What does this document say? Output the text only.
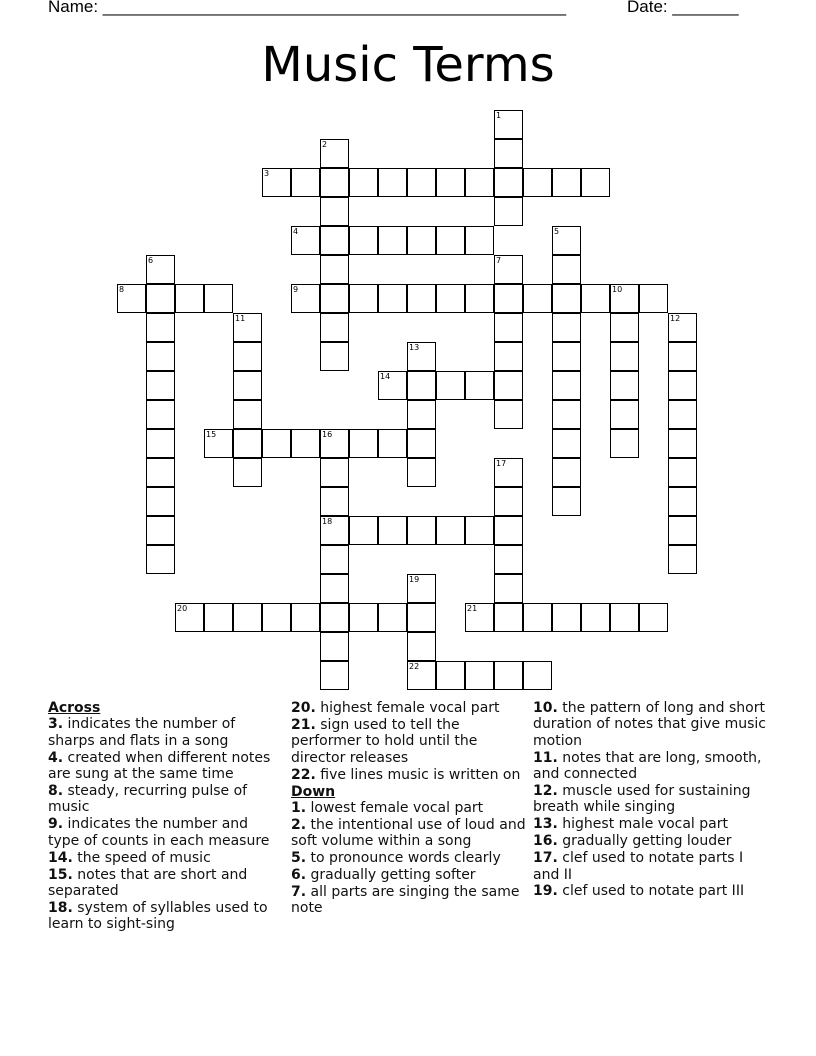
Name: _________________________________________________	Date: _______
Music Terms
1
2
3
4	5
6	7
8	9	10
11	12
13
14
15	16
18
17
19
22
20	21
Across
3. indicates the number of sharps and flats in a song
4. created when different notes are sung at the same time
8. steady, recurring pulse of music
9. indicates the number and type of counts in each measure
14. the speed of music
15. notes that are short and separated
18. system of syllables used to learn to sight-sing
20. highest female vocal part
21. sign used to tell the performer to hold until the director releases
22. five lines music is written on
Down
1. lowest female vocal part
2. the intentional use of loud and soft volume within a song
5. to pronounce words clearly
6. gradually getting softer
7. all parts are singing the same note
10. the pattern of long and short duration of notes that give music motion
11. notes that are long, smooth, and connected
12. muscle used for sustaining breath while singing
13. highest male vocal part
16. gradually getting louder
17. clef used to notate parts I and II
19. clef used to notate part III
